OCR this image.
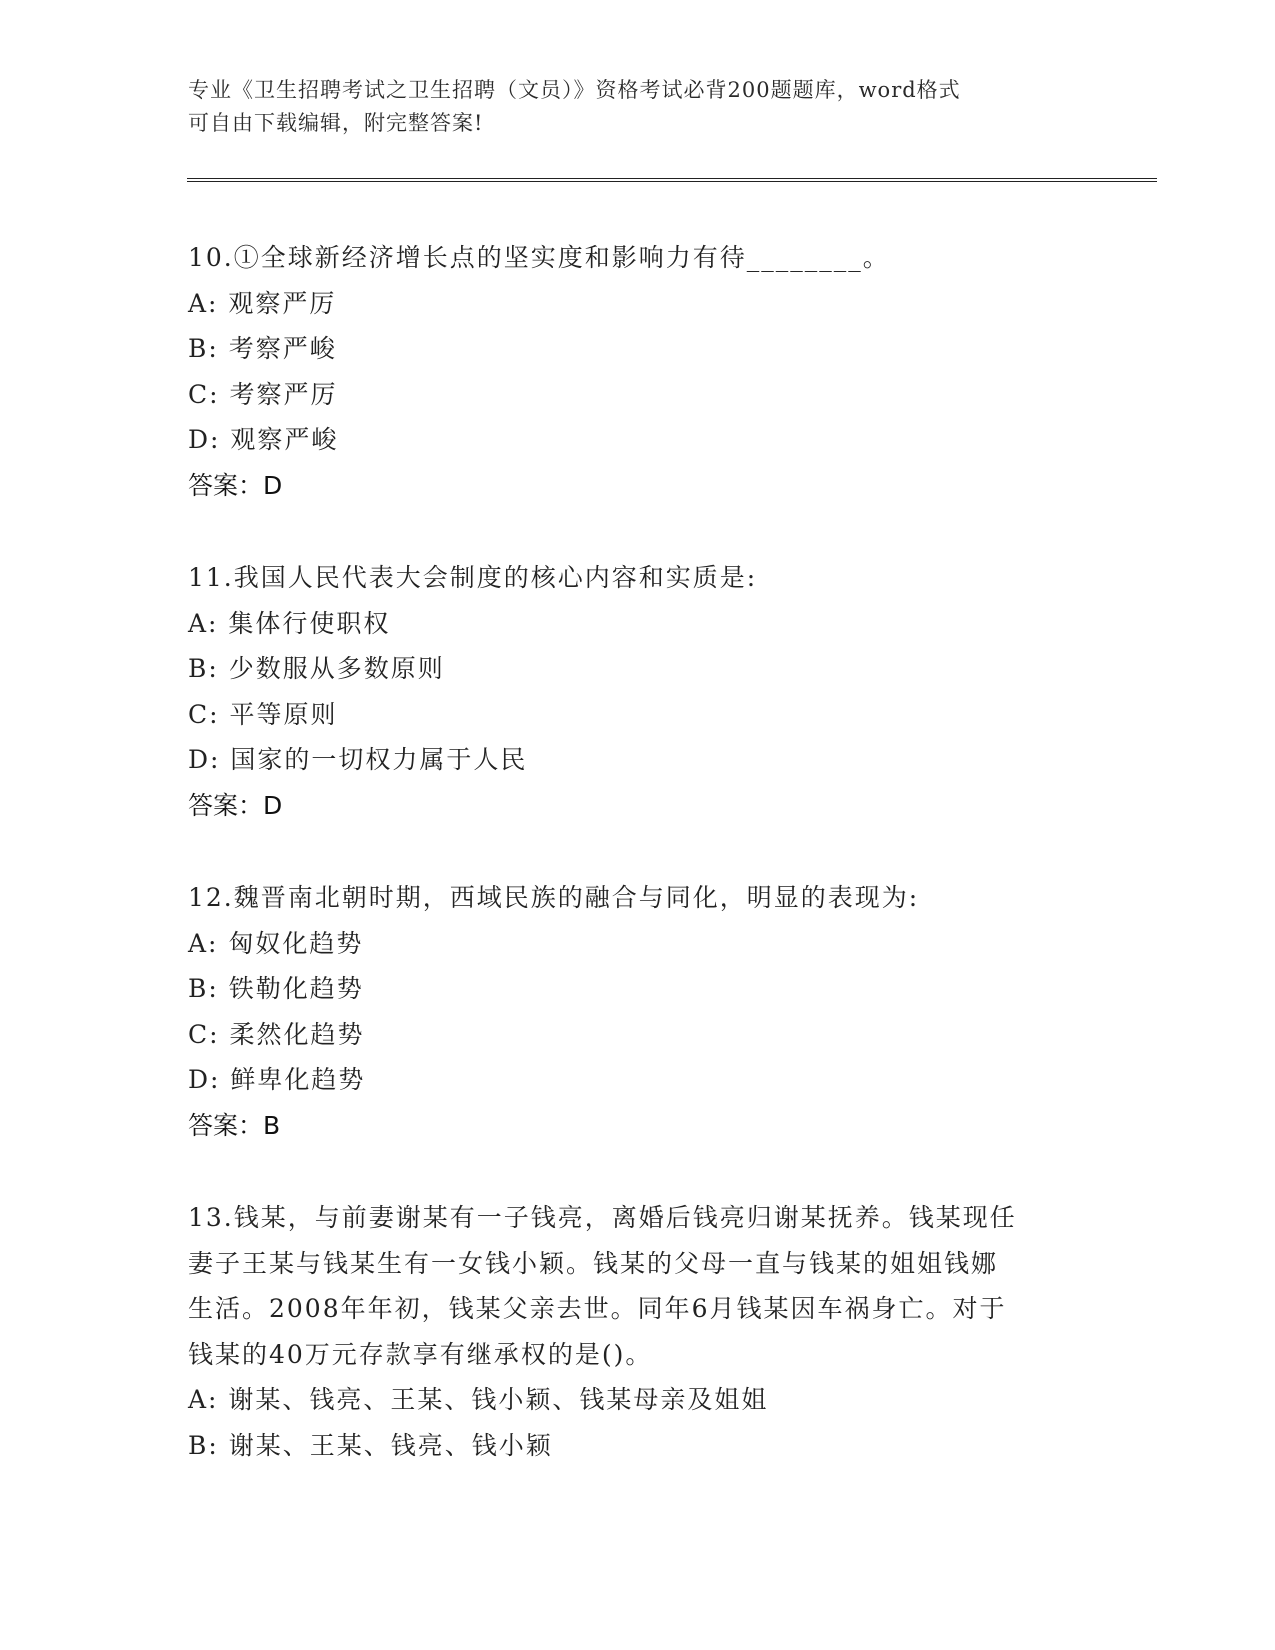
专业《卫生招聘考试之卫生招聘（文员）》资格考试必背200题题库，word格式
可自由下载编辑，附完整答案!

10.①全球新经济增长点的坚实度和影响力有待________。

A: 观察严厉

B: 考察严峻

C: 考察严厉

D: 观察严峻

答案：D

11.我国人民代表大会制度的核心内容和实质是:

A: 集体行使职权

B: 少数服从多数原则

C: 平等原则

D: 国家的一切权力属于人民

答案：D

12.魏晋南北朝时期，西域民族的融合与同化，明显的表现为:

A: 匈奴化趋势

B: 铁勒化趋势

C: 柔然化趋势

D: 鲜卑化趋势

答案：B

13.钱某，与前妻谢某有一子钱亮，离婚后钱亮归谢某抚养。钱某现任

妻子王某与钱某生有一女钱小颖。钱某的父母一直与钱某的姐姐钱娜

生活。2008年年初，钱某父亲去世。同年6月钱某因车祸身亡。对于

钱某的40万元存款享有继承权的是()。

A: 谢某、钱亮、王某、钱小颖、钱某母亲及姐姐

B: 谢某、王某、钱亮、钱小颖
